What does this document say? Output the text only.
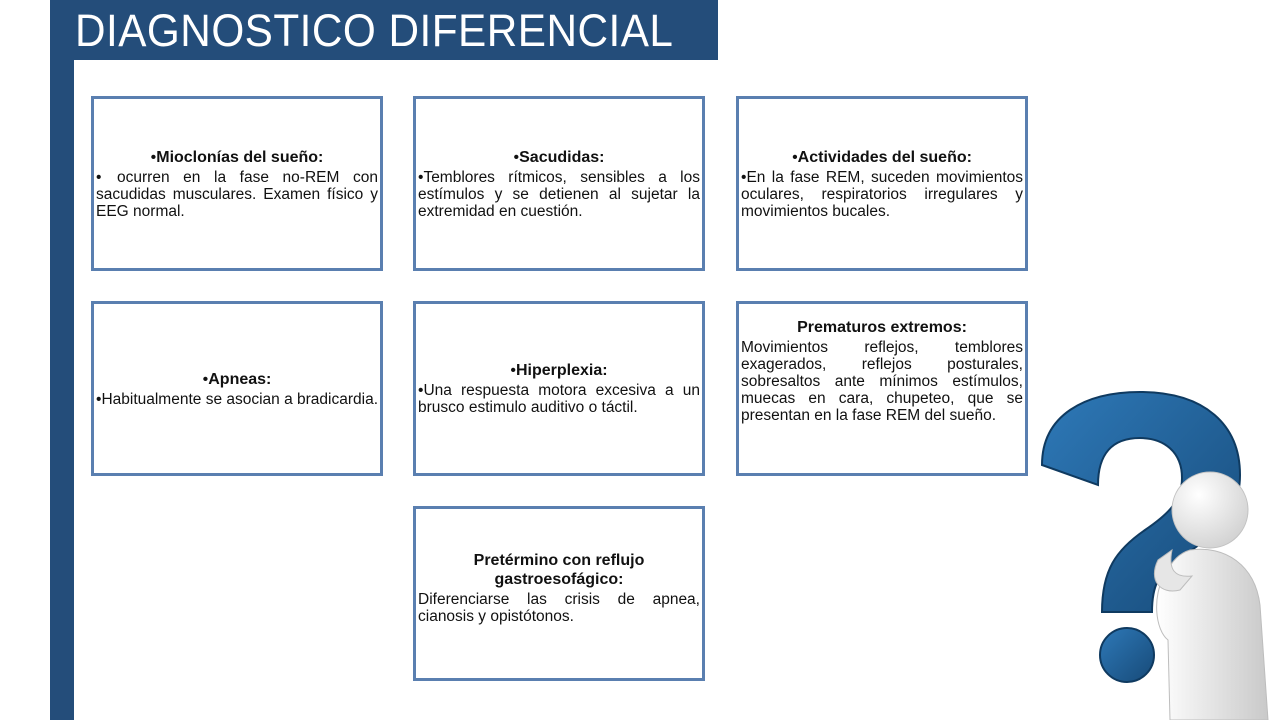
DIAGNOSTICO DIFERENCIAL
•Mioclonías del sueño:
• ocurren en la fase no-REM con sacudidas musculares. Examen físico y EEG normal.
•Sacudidas:
•Temblores rítmicos, sensibles a los estímulos y se detienen al sujetar la extremidad en cuestión.
•Actividades del sueño:
•En la fase REM, suceden movimientos oculares, respiratorios irregulares y movimientos bucales.
•Apneas:
•Habitualmente se asocian a bradicardia.
•Hiperplexia:
•Una respuesta motora excesiva a un brusco estimulo auditivo o táctil.
Prematuros extremos:
Movimientos reflejos, temblores exagerados, reflejos posturales, sobresaltos ante mínimos estímulos, muecas en cara, chupeteo, que se presentan en la fase REM del sueño.
Pretérmino con reflujo gastroesofágico:
Diferenciarse las crisis de apnea, cianosis y opistótonos.
